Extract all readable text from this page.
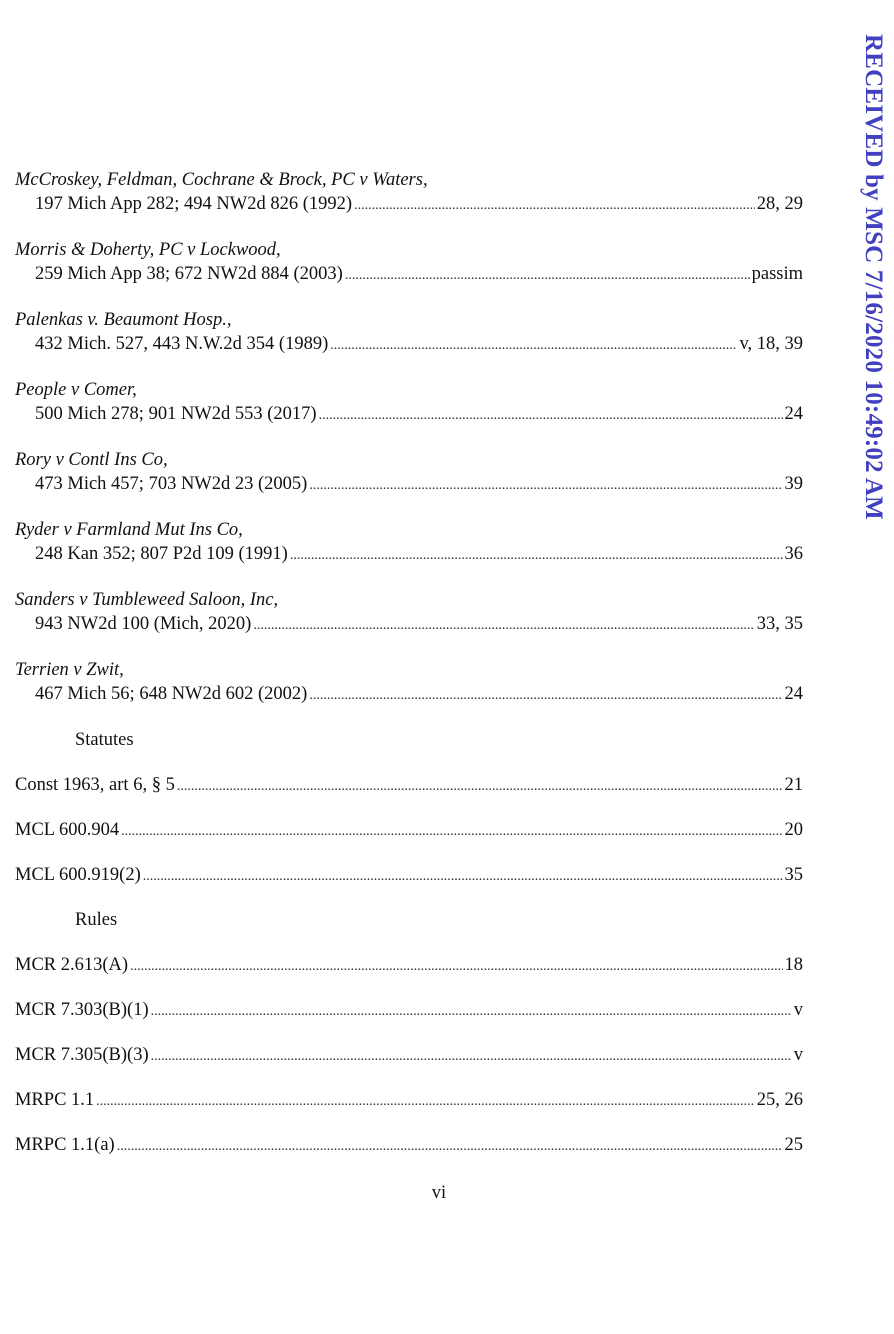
McCroskey, Feldman, Cochrane & Brock, PC v Waters,
197 Mich App 282; 494 NW2d 826 (1992) .....	28, 29
Morris & Doherty, PC v Lockwood,
259 Mich App 38; 672 NW2d 884 (2003) .....	passim
Palenkas v. Beaumont Hosp.,
432 Mich. 527, 443 N.W.2d 354 (1989) .....	v, 18, 39
People v Comer,
500 Mich 278; 901 NW2d 553 (2017) .....	24
Rory v Contl Ins Co,
473 Mich 457; 703 NW2d 23 (2005) .....	39
Ryder v Farmland Mut Ins Co,
248 Kan 352; 807 P2d 109 (1991) .....	36
Sanders v Tumbleweed Saloon, Inc,
943 NW2d 100 (Mich, 2020) .....	33, 35
Terrien v Zwit,
467 Mich 56; 648 NW2d 602 (2002) .....	24
Statutes
Const 1963, art 6, § 5 .....	21
MCL 600.904 .....	20
MCL 600.919(2) .....	35
Rules
MCR 2.613(A) .....	18
MCR 7.303(B)(1) .....	v
MCR 7.305(B)(3) .....	v
MRPC 1.1 .....	25, 26
MRPC 1.1(a) .....	25
vi
RECEIVED by MSC 7/16/2020 10:49:02 AM
